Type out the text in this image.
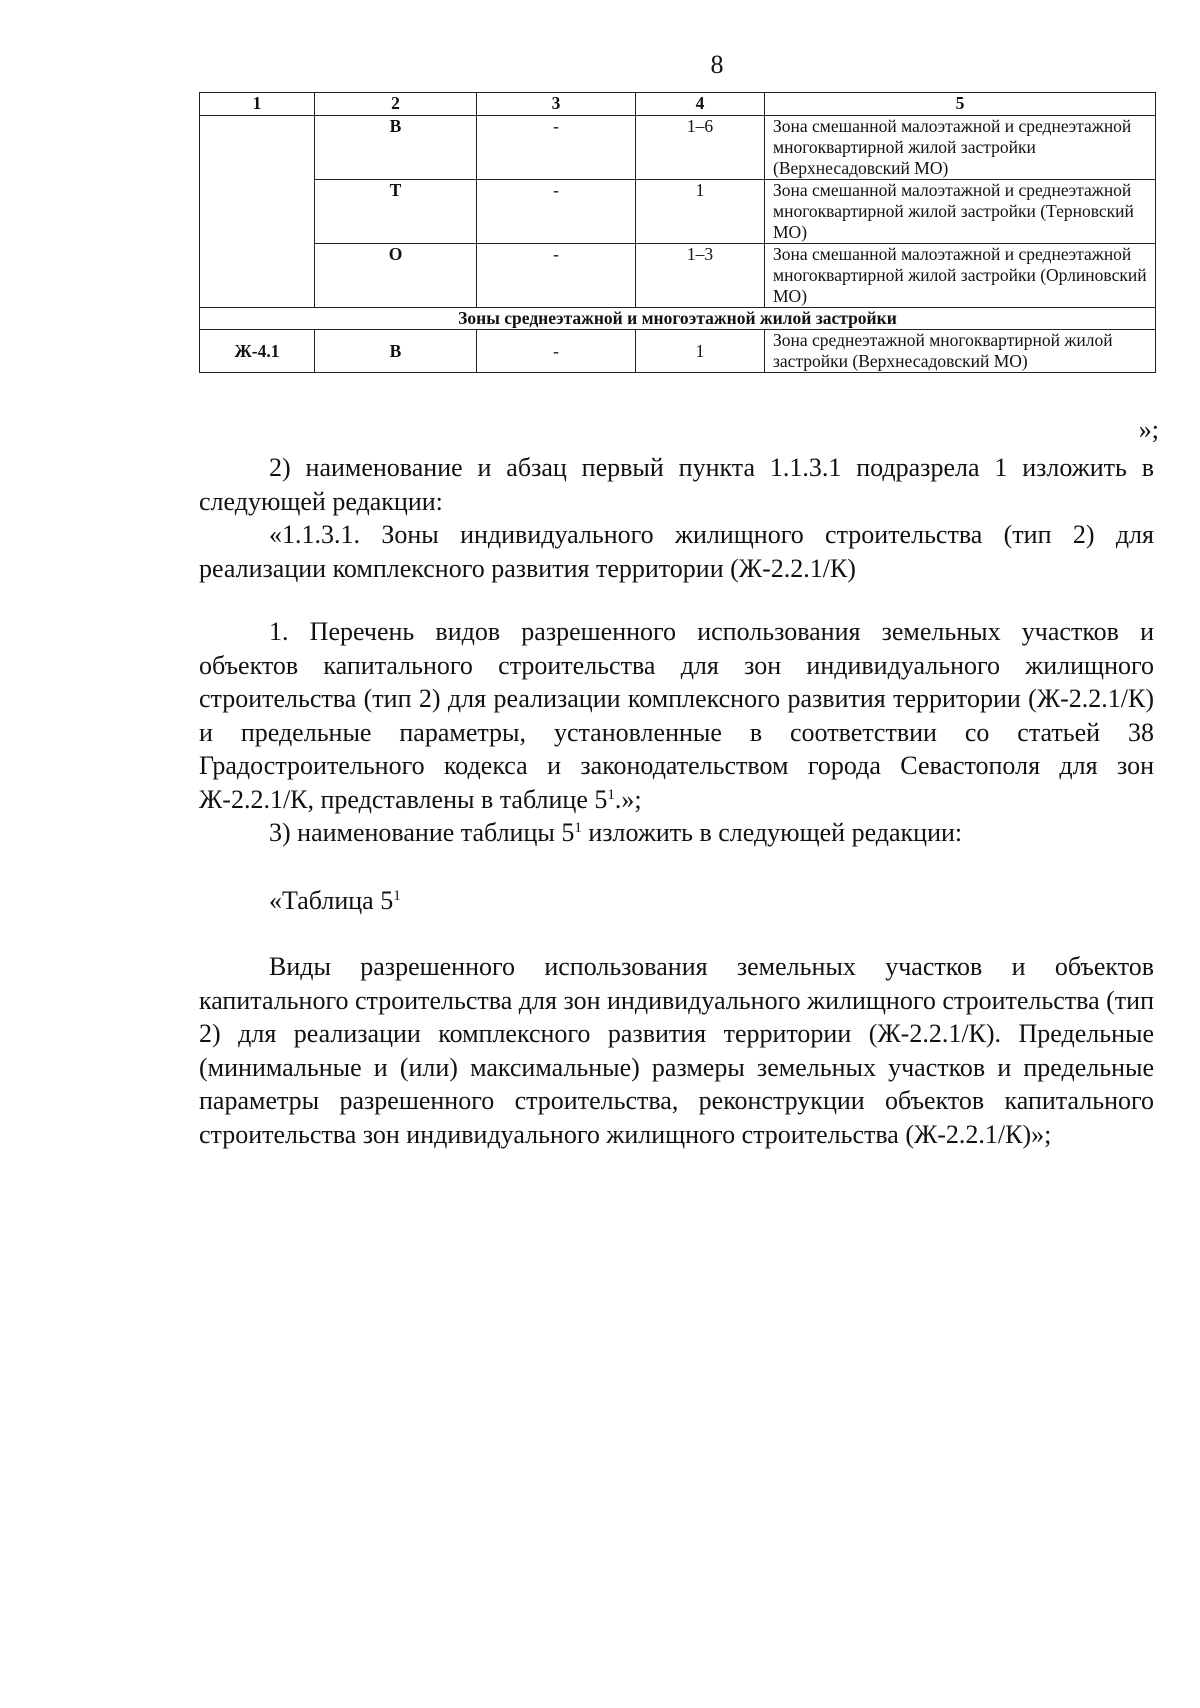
8
1	2	3	4	5
	В	-	1–6	Зона смешанной малоэтажной и среднеэтажной многоквартирной жилой застройки (Верхнесадовский МО)
	Т	-	1	Зона смешанной малоэтажной и среднеэтажной многоквартирной жилой застройки (Терновский МО)
	О	-	1–3	Зона смешанной малоэтажной и среднеэтажной многоквартирной жилой застройки (Орлиновский МО)
Зоны среднеэтажной и многоэтажной жилой застройки				
Ж-4.1	В	-	1	Зона среднеэтажной многоквартирной жилой застройки (Верхнесадовский МО)
»;

2) наименование и абзац первый пункта 1.1.3.1 подразрела 1 изложить в следующей редакции:

«1.1.3.1. Зоны индивидуального жилищного строительства (тип 2) для реализации комплексного развития территории (Ж-2.2.1/К)

1. Перечень видов разрешенного использования земельных участков и объектов капитального строительства для зон индивидуального жилищного строительства (тип 2) для реализации комплексного развития территории (Ж-2.2.1/К) и предельные параметры, установленные в соответствии со статьей 38 Градостроительного кодекса и законодательством города Севастополя для зон Ж-2.2.1/К, представлены в таблице $5^1$.»;

3) наименование таблицы $5^1$ изложить в следующей редакции:

«Таблица $5^1$

Виды разрешенного использования земельных участков и объектов капитального строительства для зон индивидуального жилищного строительства (тип 2) для реализации комплексного развития территории (Ж-2.2.1/К). Предельные (минимальные и (или) максимальные) размеры земельных участков и предельные параметры разрешенного строительства, реконструкции объектов капитального строительства зон индивидуального жилищного строительства (Ж-2.2.1/К)»;
